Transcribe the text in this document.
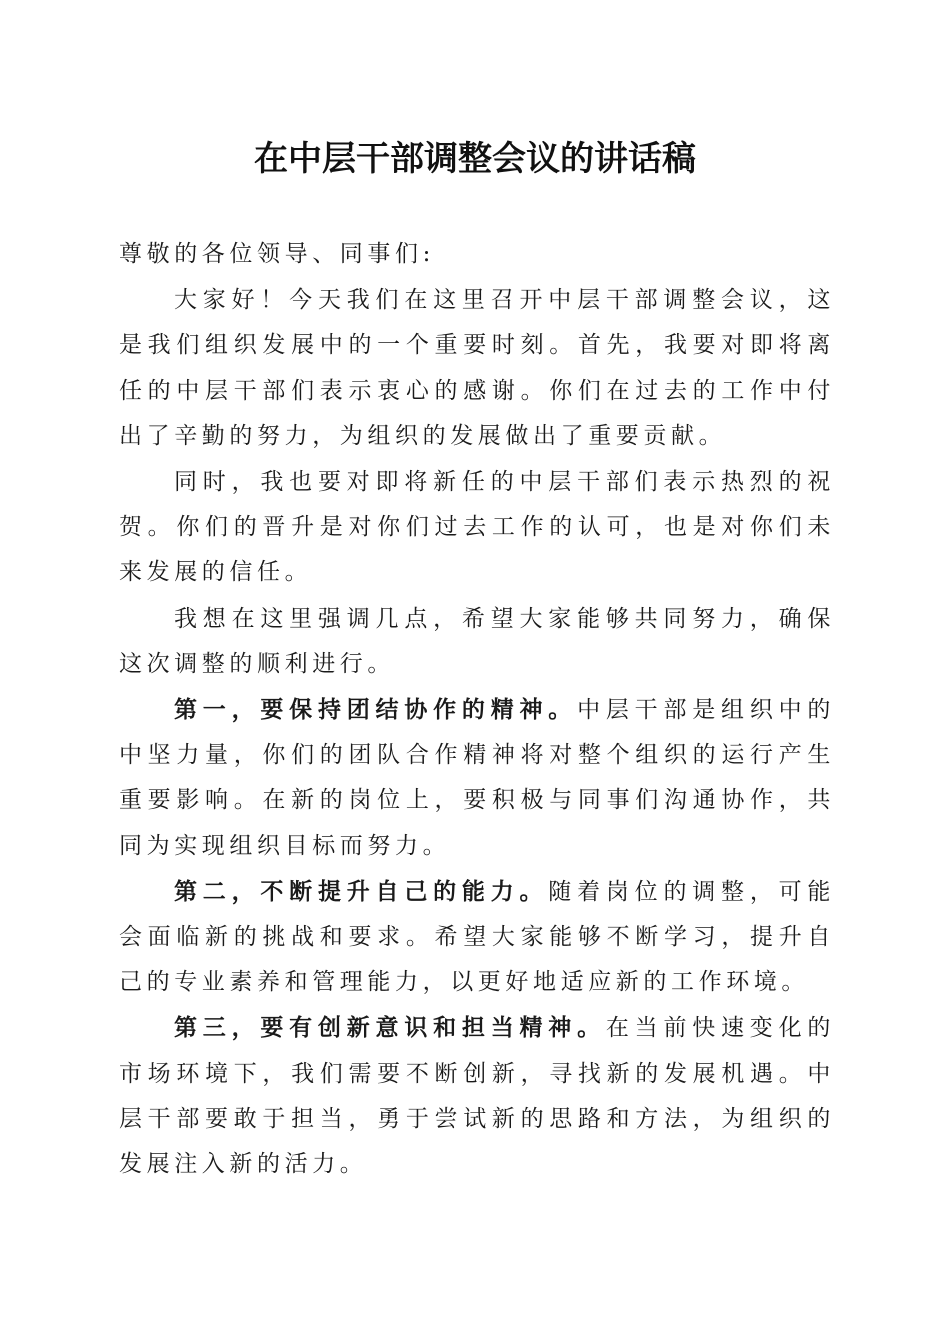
在中层干部调整会议的讲话稿

尊敬的各位领导、同事们:

大家好！今天我们在这里召开中层干部调整会议，这是我们组织发展中的一个重要时刻。首先，我要对即将离任的中层干部们表示衷心的感谢。你们在过去的工作中付出了辛勤的努力，为组织的发展做出了重要贡献。

同时，我也要对即将新任的中层干部们表示热烈的祝贺。你们的晋升是对你们过去工作的认可，也是对你们未来发展的信任。

我想在这里强调几点，希望大家能够共同努力，确保这次调整的顺利进行。

第一，要保持团结协作的精神。中层干部是组织中的中坚力量，你们的团队合作精神将对整个组织的运行产生重要影响。在新的岗位上，要积极与同事们沟通协作，共同为实现组织目标而努力。

第二，不断提升自己的能力。随着岗位的调整，可能会面临新的挑战和要求。希望大家能够不断学习，提升自己的专业素养和管理能力，以更好地适应新的工作环境。

第三，要有创新意识和担当精神。在当前快速变化的市场环境下，我们需要不断创新，寻找新的发展机遇。中层干部要敢于担当，勇于尝试新的思路和方法，为组织的发展注入新的活力。
